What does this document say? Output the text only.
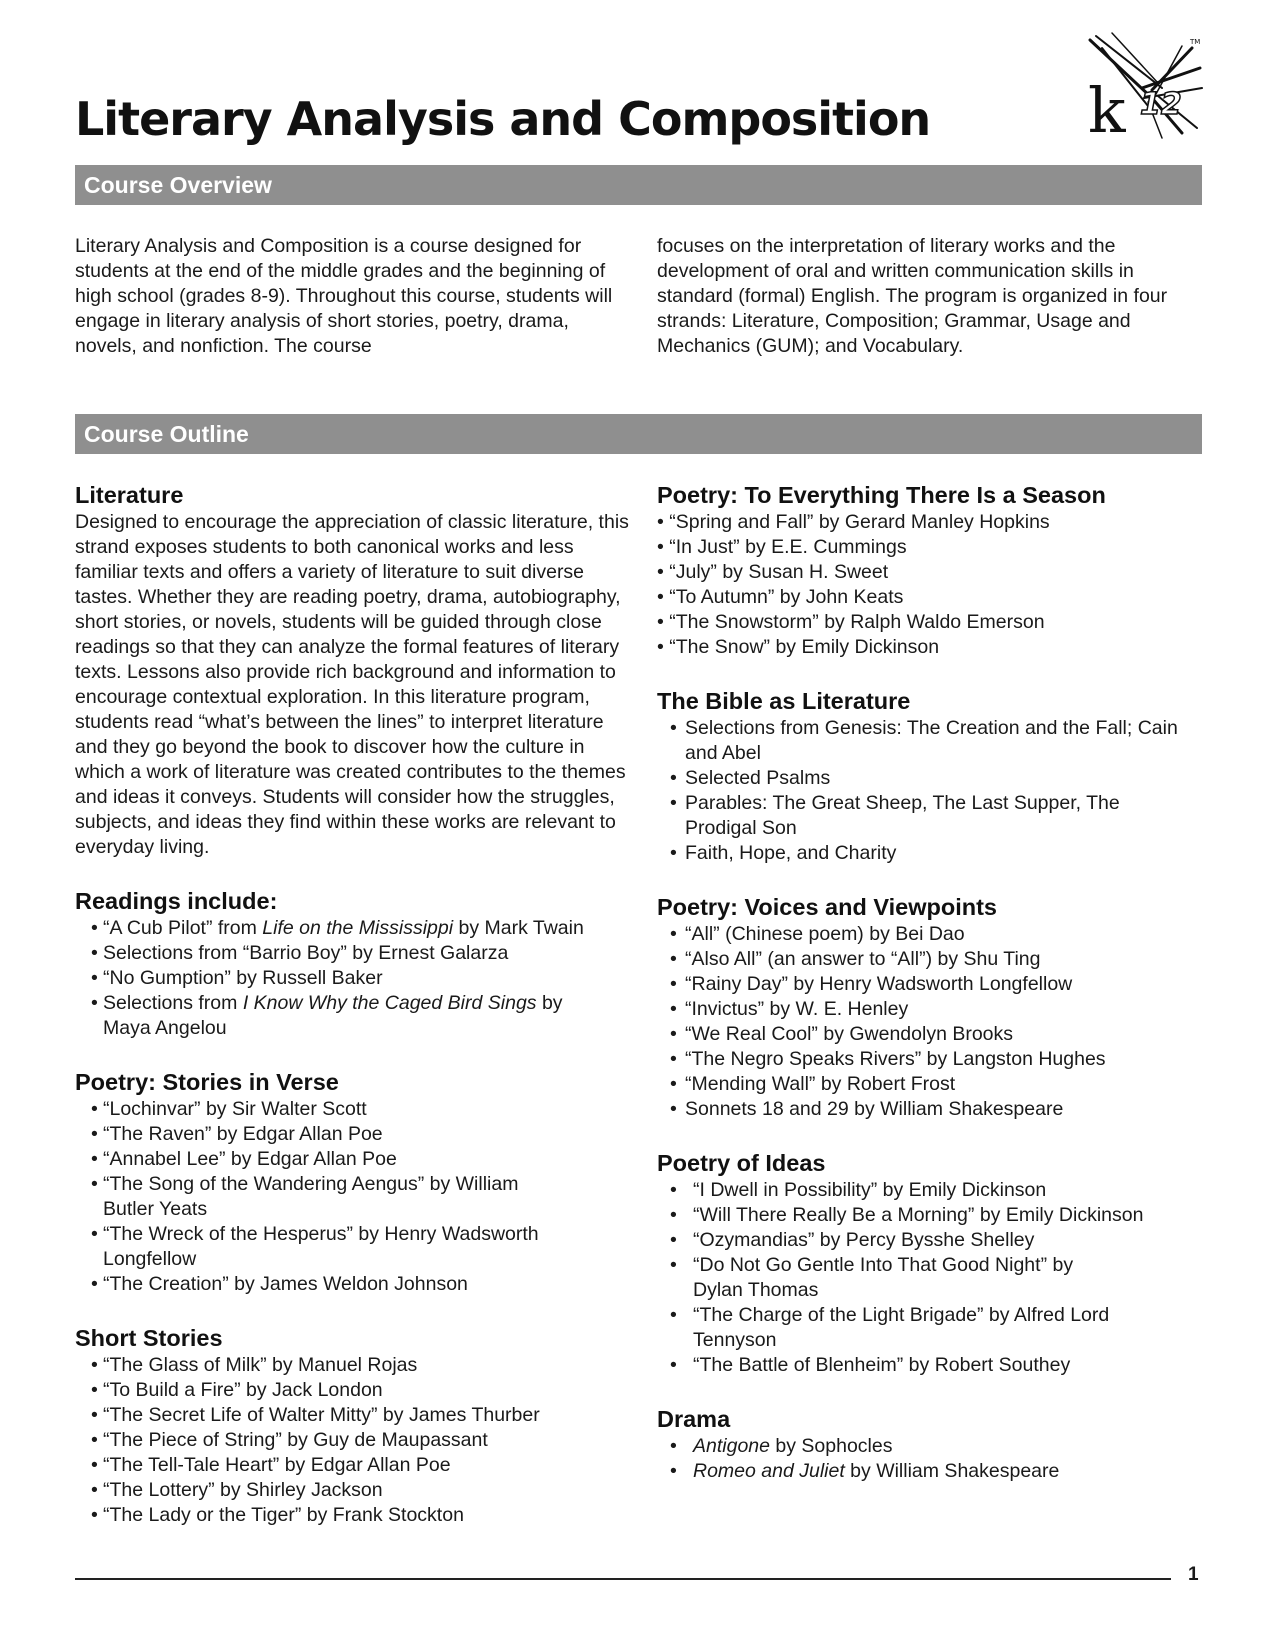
Literary Analysis and Composition	k 12
TM
Course Overview

Literary Analysis and Composition is a course designed for students at the end of the middle grades and the beginning of high school (grades 8-9). Throughout this course, students will engage in literary analysis of short stories, poetry, drama, novels, and nonfiction. The course

focuses on the interpretation of literary works and the development of oral and written communication skills in standard (formal) English. The program is organized in four strands: Literature, Composition; Grammar, Usage and Mechanics (GUM); and Vocabulary.

Course Outline
Literature

Designed to encourage the appreciation of classic literature, this strand exposes students to both canonical works and less familiar texts and offers a variety of literature to suit diverse tastes. Whether they are reading poetry, drama, autobiography, short stories, or novels, students will be guided through close readings so that they can analyze the formal features of literary texts. Lessons also provide rich background and information to encourage contextual exploration. In this literature program, students read “what’s between the lines” to interpret literature and they go beyond the book to discover how the culture in which a work of literature was created contributes to the themes and ideas it conveys. Students will consider how the struggles, subjects, and ideas they find within these works are relevant to everyday living.

Readings include:
• “A Cub Pilot” from Life on the Mississippi by Mark Twain
• Selections from “Barrio Boy” by Ernest Galarza
• “No Gumption” by Russell Baker
• Selections from I Know Why the Caged Bird Sings by Maya Angelou
Poetry: Stories in Verse
• “Lochinvar” by Sir Walter Scott
• “The Raven” by Edgar Allan Poe
• “Annabel Lee” by Edgar Allan Poe
• “The Song of the Wandering Aengus” by William Butler Yeats
• “The Wreck of the Hesperus” by Henry Wadsworth Longfellow
• “The Creation” by James Weldon Johnson
Short Stories
• “The Glass of Milk” by Manuel Rojas
• “To Build a Fire” by Jack London
• “The Secret Life of Walter Mitty” by James Thurber
• “The Piece of String” by Guy de Maupassant
• “The Tell-Tale Heart” by Edgar Allan Poe
• “The Lottery” by Shirley Jackson
• “The Lady or the Tiger” by Frank Stockton
Poetry: To Everything There Is a Season
• “Spring and Fall” by Gerard Manley Hopkins
• “In Just” by E.E. Cummings
• “July” by Susan H. Sweet
• “To Autumn” by John Keats
• “The Snowstorm” by Ralph Waldo Emerson
• “The Snow” by Emily Dickinson
The Bible as Literature
• Selections from Genesis: The Creation and the Fall; Cain and Abel
• Selected Psalms
• Parables: The Great Sheep, The Last Supper, The Prodigal Son
• Faith, Hope, and Charity
Poetry: Voices and Viewpoints
• “All” (Chinese poem) by Bei Dao
• “Also All” (an answer to “All”) by Shu Ting
• “Rainy Day” by Henry Wadsworth Longfellow
• “Invictus” by W. E. Henley
• “We Real Cool” by Gwendolyn Brooks
• “The Negro Speaks Rivers” by Langston Hughes
• “Mending Wall” by Robert Frost
• Sonnets 18 and 29 by William Shakespeare
Poetry of Ideas
• “I Dwell in Possibility” by Emily Dickinson
• “Will There Really Be a Morning” by Emily Dickinson
• “Ozymandias” by Percy Bysshe Shelley
• “Do Not Go Gentle Into That Good Night” by Dylan Thomas
• “The Charge of the Light Brigade” by Alfred Lord Tennyson
• “The Battle of Blenheim” by Robert Southey
Drama
• Antigone by Sophocles
• Romeo and Juliet by William Shakespeare
1
